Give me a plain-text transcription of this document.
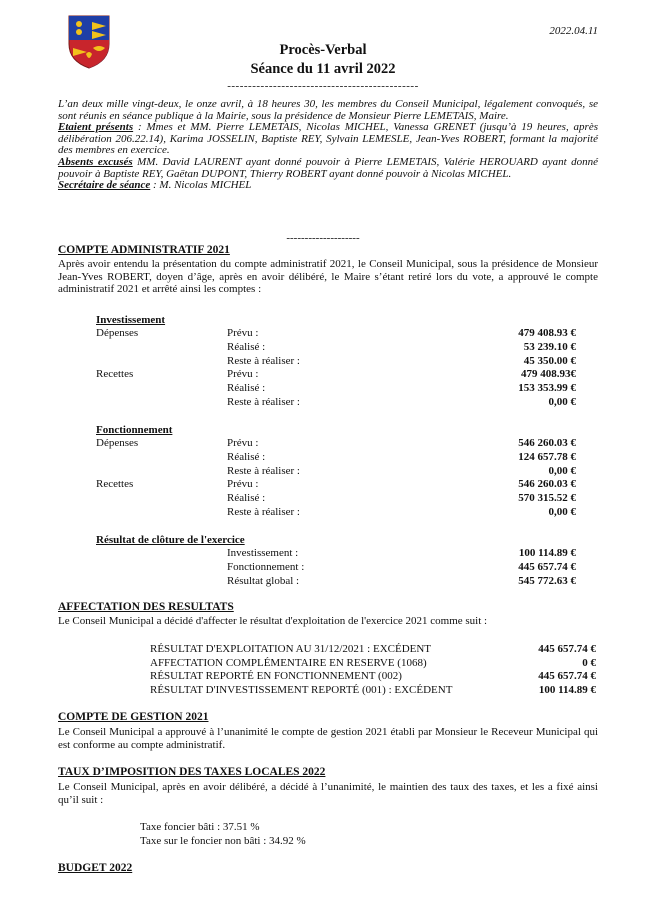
2022.04.11
Procès-Verbal
Séance du 11 avril 2022
----------------------------------------------

L’an deux mille vingt-deux, le onze avril, à 18 heures 30, les membres du Conseil Municipal, légalement convoqués, se sont réunis en séance publique à la Mairie, sous la présidence de Monsieur Pierre LEMETAIS, Maire.

Etaient présents : Mmes et MM. Pierre LEMETAIS, Nicolas MICHEL, Vanessa GRENET (jusqu’à 19 heures, après délibération 206.22.14), Karima JOSSELIN, Baptiste REY, Sylvain LEMESLE, Jean-Yves ROBERT, formant la majorité des membres en exercice.

Absents excusés MM. David LAURENT ayant donné pouvoir à Pierre LEMETAIS, Valérie HEROUARD ayant donné pouvoir à Baptiste REY, Gaëtan DUPONT, Thierry ROBERT ayant donné pouvoir à Nicolas MICHEL.

Secrétaire de séance : M. Nicolas MICHEL

--------------------
COMPTE ADMINISTRATIF 2021
Après avoir entendu la présentation du compte administratif 2021, le Conseil Municipal, sous la présidence de Monsieur Jean-Yves ROBERT, doyen d’âge, après en avoir délibéré, le Maire s’étant retiré lors du vote, a approuvé le compte administratif 2021 et arrêté ainsi les comptes :
Investissement
Dépenses	Prévu :	479 408.93 €
Réalisé :	53 239.10 €
Reste à réaliser :	45 350.00 €
Recettes	Prévu :	479 408.93€
Réalisé :	153 353.99 €
Reste à réaliser :	0,00 €
Fonctionnement
Dépenses	Prévu :	546 260.03 €
Réalisé :	124 657.78 €
Reste à réaliser :	0,00 €
Recettes	Prévu :	546 260.03 €
Réalisé :	570 315.52 €
Reste à réaliser :	0,00 €
Résultat de clôture de l'exercice
Investissement :	100 114.89 €
Fonctionnement :	445 657.74 €
Résultat global :	545 772.63 €
AFFECTATION DES RESULTATS
Le Conseil Municipal a décidé d'affecter le résultat d'exploitation de l'exercice 2021 comme suit :
RÉSULTAT D'EXPLOITATION AU 31/12/2021 : EXCÉDENT	445 657.74 €
AFFECTATION COMPLÉMENTAIRE EN RESERVE (1068)	0 €
RÉSULTAT REPORTÉ EN FONCTIONNEMENT (002)	445 657.74 €
RÉSULTAT D'INVESTISSEMENT REPORTÉ (001) : EXCÉDENT	100 114.89 €
COMPTE DE GESTION 2021
Le Conseil Municipal a approuvé à l’unanimité le compte de gestion 2021 établi par Monsieur le Receveur Municipal qui est conforme au compte administratif.
TAUX D’IMPOSITION DES TAXES LOCALES 2022
Le Conseil Municipal, après en avoir délibéré, a décidé à l’unanimité, le maintien des taux des taxes, et les a fixé ainsi qu’il suit :
Taxe foncier bâti : 37.51 %
Taxe sur le foncier non bâti : 34.92 %
BUDGET 2022
